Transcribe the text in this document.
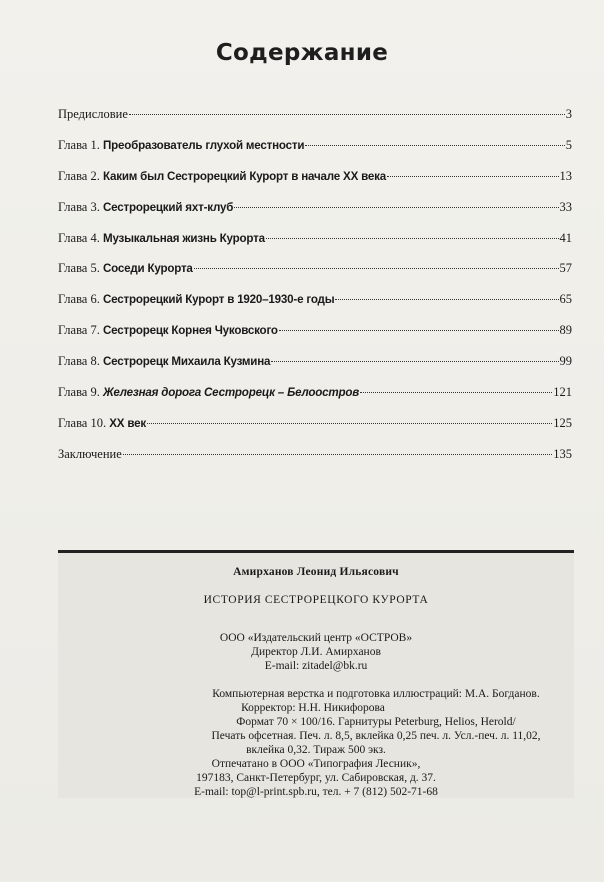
Содержание
Предисловие	3
Глава 1. Преобразователь глухой местности	5
Глава 2. Каким был Сестрорецкий Курорт в начале XX века	13
Глава 3. Сестрорецкий яхт-клуб	33
Глава 4. Музыкальная жизнь Курорта	41
Глава 5. Соседи Курорта	57
Глава 6. Сестрорецкий Курорт в 1920–1930-е годы	65
Глава 7. Сестрорецк Корнея Чуковского	89
Глава 8. Сестрорецк Михаила Кузмина	99
Глава 9. Железная дорога Сестрорецк – Белоостров	121
Глава 10. XX век	125
Заключение	135
Амирханов Леонид Ильясович
ИСТОРИЯ СЕСТРОРЕЦКОГО КУРОРТА
ООО «Издательский центр «ОСТРОВ»
Директор Л.И. Амирханов
E-mail: zitadel@bk.ru
Компьютерная верстка и подготовка иллюстраций: М.А. Богданов.
Корректор: Н.Н. Никифорова
Формат 70 × 100/16. Гарнитуры Peterburg, Helios, Herold/
Печать офсетная. Печ. л. 8,5, вклейка 0,25 печ. л. Усл.-печ. л. 11,02,
вклейка 0,32. Тираж 500 экз.
Отпечатано в ООО «Типография Лесник»,
197183, Санкт-Петербург, ул. Сабировская, д. 37.
E-mail: top@l-print.spb.ru, тел. + 7 (812) 502-71-68
